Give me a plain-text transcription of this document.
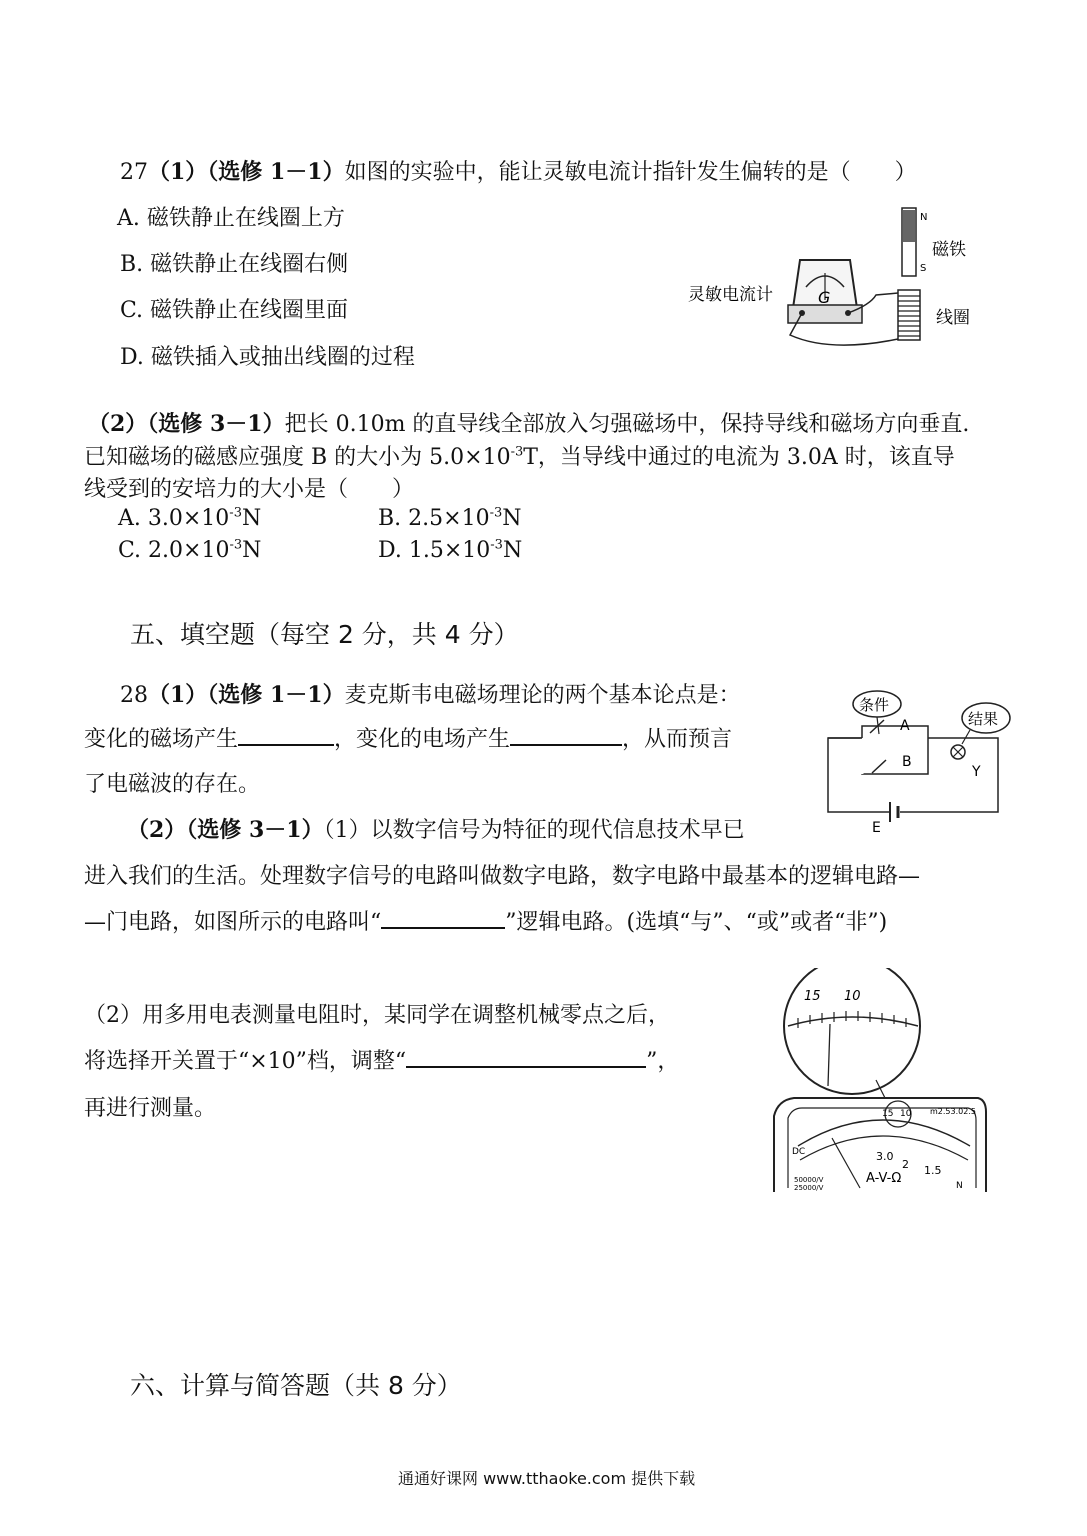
27（1）（选修 1－1）如图的实验中，能让灵敏电流计指针发生偏转的是（　　）
A. 磁铁静止在线圈上方
B. 磁铁静止在线圈右侧
C. 磁铁静止在线圈里面
D. 磁铁插入或抽出线圈的过程
N
S
磁铁
灵敏电流计	G
线圈
（2）（选修 3－1）把长 0.10m 的直导线全部放入匀强磁场中，保持导线和磁场方向垂直.
已知磁场的磁感应强度 B 的大小为 $5.0\times 10^{-3}T$，当导线中通过的电流为 3.0A 时，该直导
线受到的安培力的大小是（　　）
A. $3.0\times 10^{-3}N$	B. $2.5\times 10^{-3}N$
C. $2.0\times 10^{-3}N$	D. $1.5\times 10^{-3}N$
五、填空题（每空 2 分，共 4 分）
28（1）（选修 1－1）麦克斯韦电磁场理论的两个基本论点是：
变化的磁场产生	，变化的电场产生	，从而预言
了电磁波的存在。
（2）（选修 3－1）（1）以数字信号为特征的现代信息技术早已
进入我们的生活。处理数字信号的电路叫做数字电路，数字电路中最基本的逻辑电路—
—门电路，如图所示的电路叫“	”逻辑电路。(选填“与”、“或”或者“非”)
A
B
条件
Y
结果
E
（2）用多用电表测量电阻时，某同学在调整机械零点之后，
将选择开关置于“×10”档，调整“	”，
再进行测量。
15 10
15 10 m2.53.02.5
DC	3.0
2 1.5
A-V-Ω
50000/V
25000/V	N
六、计算与简答题（共 8 分）
通通好课网 www.tthaoke.com 提供下载
